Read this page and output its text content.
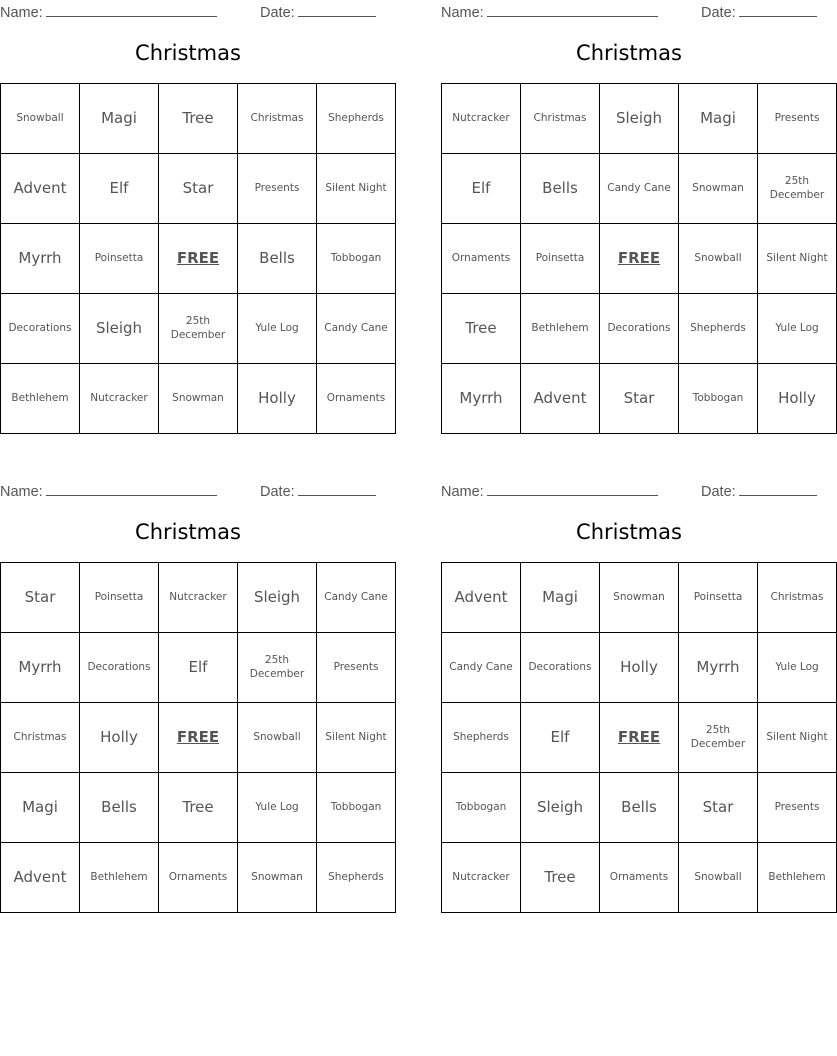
Name:	Date:
Christmas
Snowball	Magi	Tree	Christmas	Shepherds
Advent	Elf	Star	Presents	Silent Night
Myrrh	Poinsetta	FREE	Bells	Tobbogan
Decorations	Sleigh	25th December	Yule Log	Candy Cane
Bethlehem	Nutcracker	Snowman	Holly	Ornaments
Name:	Date:
Christmas
Nutcracker	Christmas	Sleigh	Magi	Presents
Elf	Bells	Candy Cane	Snowman	25th December
Ornaments	Poinsetta	FREE	Snowball	Silent Night
Tree	Bethlehem	Decorations	Shepherds	Yule Log
Myrrh	Advent	Star	Tobbogan	Holly
Name:	Date:
Christmas
Star	Poinsetta	Nutcracker	Sleigh	Candy Cane
Myrrh	Decorations	Elf	25th December	Presents
Christmas	Holly	FREE	Snowball	Silent Night
Magi	Bells	Tree	Yule Log	Tobbogan
Advent	Bethlehem	Ornaments	Snowman	Shepherds
Name:	Date:
Christmas
Advent	Magi	Snowman	Poinsetta	Christmas
Candy Cane	Decorations	Holly	Myrrh	Yule Log
Shepherds	Elf	FREE	25th December	Silent Night
Tobbogan	Sleigh	Bells	Star	Presents
Nutcracker	Tree	Ornaments	Snowball	Bethlehem
